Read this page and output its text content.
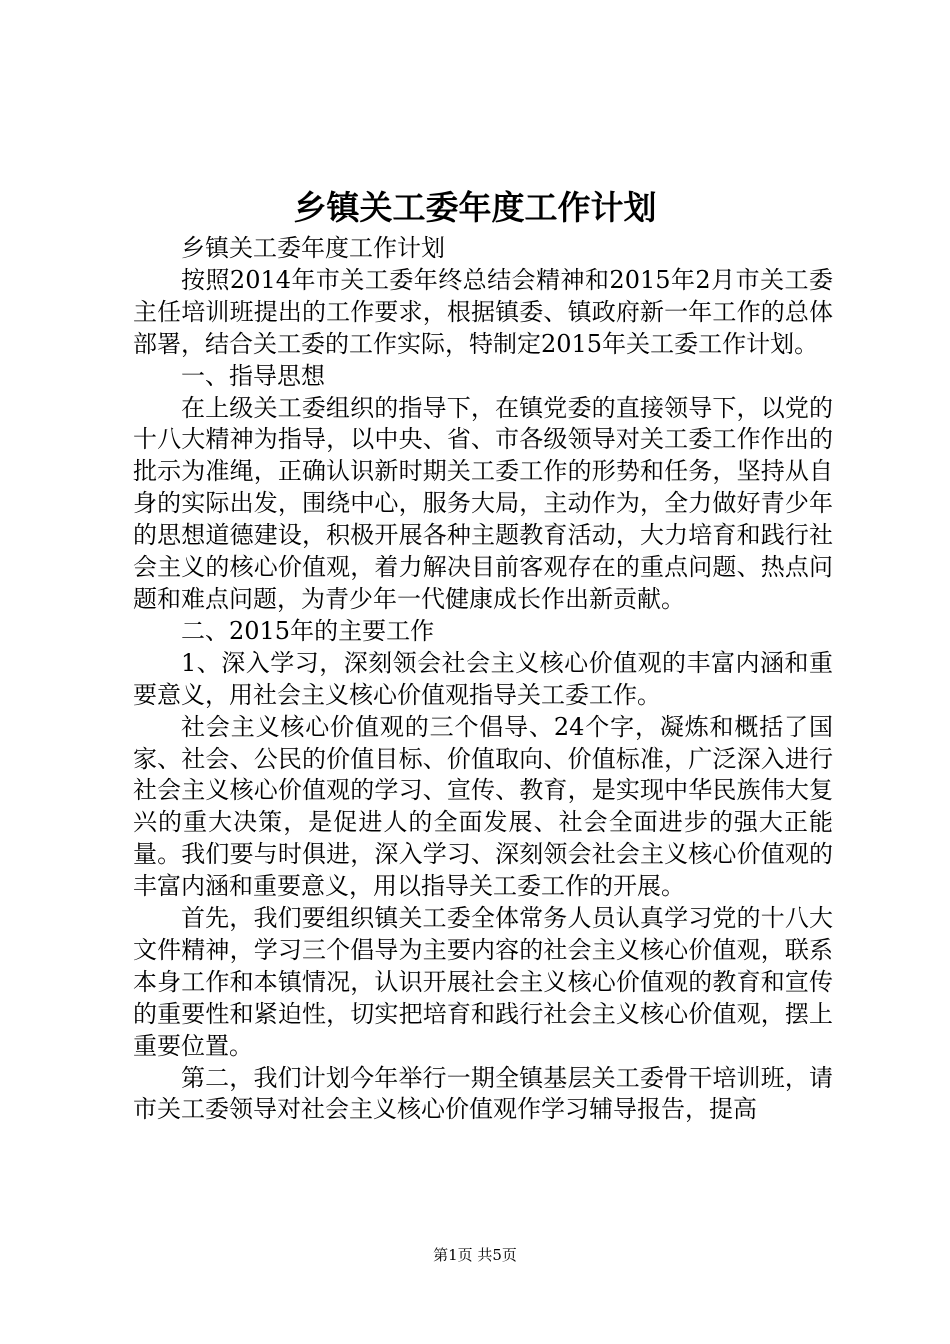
乡镇关工委年度工作计划

乡镇关工委年度工作计划

按照2014年市关工委年终总结会精神和2015年2月市关工委主任培训班提出的工作要求，根据镇委、镇政府新一年工作的总体部署，结合关工委的工作实际，特制定2015年关工委工作计划。

一、指导思想

在上级关工委组织的指导下，在镇党委的直接领导下，以党的十八大精神为指导，以中央、省、市各级领导对关工委工作作出的批示为准绳，正确认识新时期关工委工作的形势和任务，坚持从自身的实际出发，围绕中心，服务大局，主动作为，全力做好青少年的思想道德建设，积极开展各种主题教育活动，大力培育和践行社会主义的核心价值观，着力解决目前客观存在的重点问题、热点问题和难点问题，为青少年一代健康成长作出新贡献。

二、2015年的主要工作

1、深入学习，深刻领会社会主义核心价值观的丰富内涵和重要意义，用社会主义核心价值观指导关工委工作。

社会主义核心价值观的三个倡导、24个字，凝炼和概括了国家、社会、公民的价值目标、价值取向、价值标准，广泛深入进行社会主义核心价值观的学习、宣传、教育，是实现中华民族伟大复兴的重大决策，是促进人的全面发展、社会全面进步的强大正能量。我们要与时俱进，深入学习、深刻领会社会主义核心价值观的丰富内涵和重要意义，用以指导关工委工作的开展。

首先，我们要组织镇关工委全体常务人员认真学习党的十八大文件精神，学习三个倡导为主要内容的社会主义核心价值观，联系本身工作和本镇情况，认识开展社会主义核心价值观的教育和宣传的重要性和紧迫性，切实把培育和践行社会主义核心价值观，摆上重要位置。

第二，我们计划今年举行一期全镇基层关工委骨干培训班，请市关工委领导对社会主义核心价值观作学习辅导报告，提高

第1页 共5页
